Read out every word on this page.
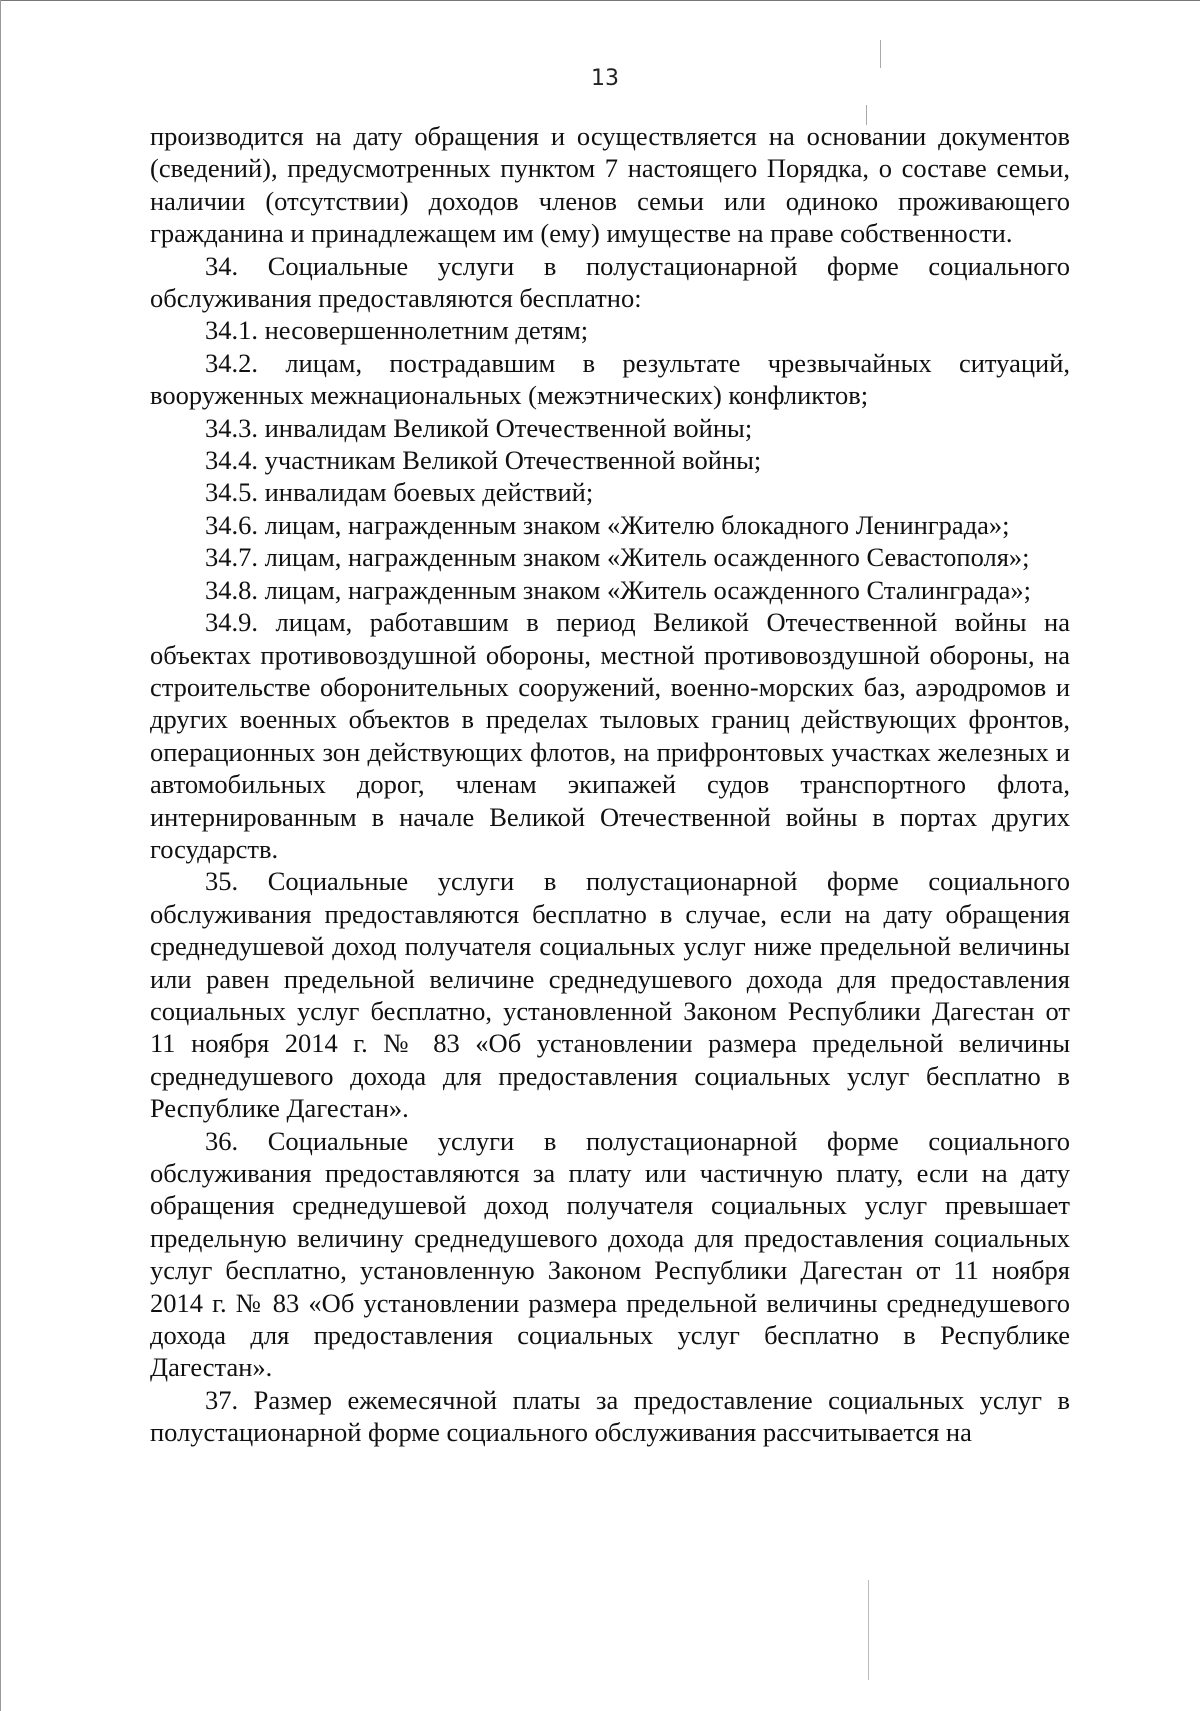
13

производится на дату обращения и осуществляется на основании документов (сведений), предусмотренных пунктом 7 настоящего Порядка, о составе семьи, наличии (отсутствии) доходов членов семьи или одиноко проживающего гражданина и принадлежащем им (ему) имуществе на праве собственности.

34. Социальные услуги в полустационарной форме социального обслуживания предоставляются бесплатно:

34.1. несовершеннолетним детям;

34.2. лицам, пострадавшим в результате чрезвычайных ситуаций, вооруженных межнациональных (межэтнических) конфликтов;

34.3. инвалидам Великой Отечественной войны;

34.4. участникам Великой Отечественной войны;

34.5. инвалидам боевых действий;

34.6. лицам, награжденным знаком «Жителю блокадного Ленинграда»;

34.7. лицам, награжденным знаком «Житель осажденного Севастополя»;

34.8. лицам, награжденным знаком «Житель осажденного Сталинграда»;

34.9. лицам, работавшим в период Великой Отечественной войны на объектах противовоздушной обороны, местной противовоздушной обороны, на строительстве оборонительных сооружений, военно-морских баз, аэродромов и других военных объектов в пределах тыловых границ действующих фронтов, операционных зон действующих флотов, на прифронтовых участках железных и автомобильных дорог, членам экипажей судов транспортного флота, интернированным в начале Великой Отечественной войны в портах других государств.

35. Социальные услуги в полустационарной форме социального обслуживания предоставляются бесплатно в случае, если на дату обращения среднедушевой доход получателя социальных услуг ниже предельной величины или равен предельной величине среднедушевого дохода для предоставления социальных услуг бесплатно, установленной Законом Республики Дагестан от 11 ноября 2014 г. № 83 «Об установлении размера предельной величины среднедушевого дохода для предоставления социальных услуг бесплатно в Республике Дагестан».

36. Социальные услуги в полустационарной форме социального обслуживания предоставляются за плату или частичную плату, если на дату обращения среднедушевой доход получателя социальных услуг превышает предельную величину среднедушевого дохода для предоставления социальных услуг бесплатно, установленную Законом Республики Дагестан от 11 ноября 2014 г. № 83 «Об установлении размера предельной величины среднедушевого дохода для предоставления социальных услуг бесплатно в Республике Дагестан».

37. Размер ежемесячной платы за предоставление социальных услуг в полустационарной форме социального обслуживания рассчитывается на
